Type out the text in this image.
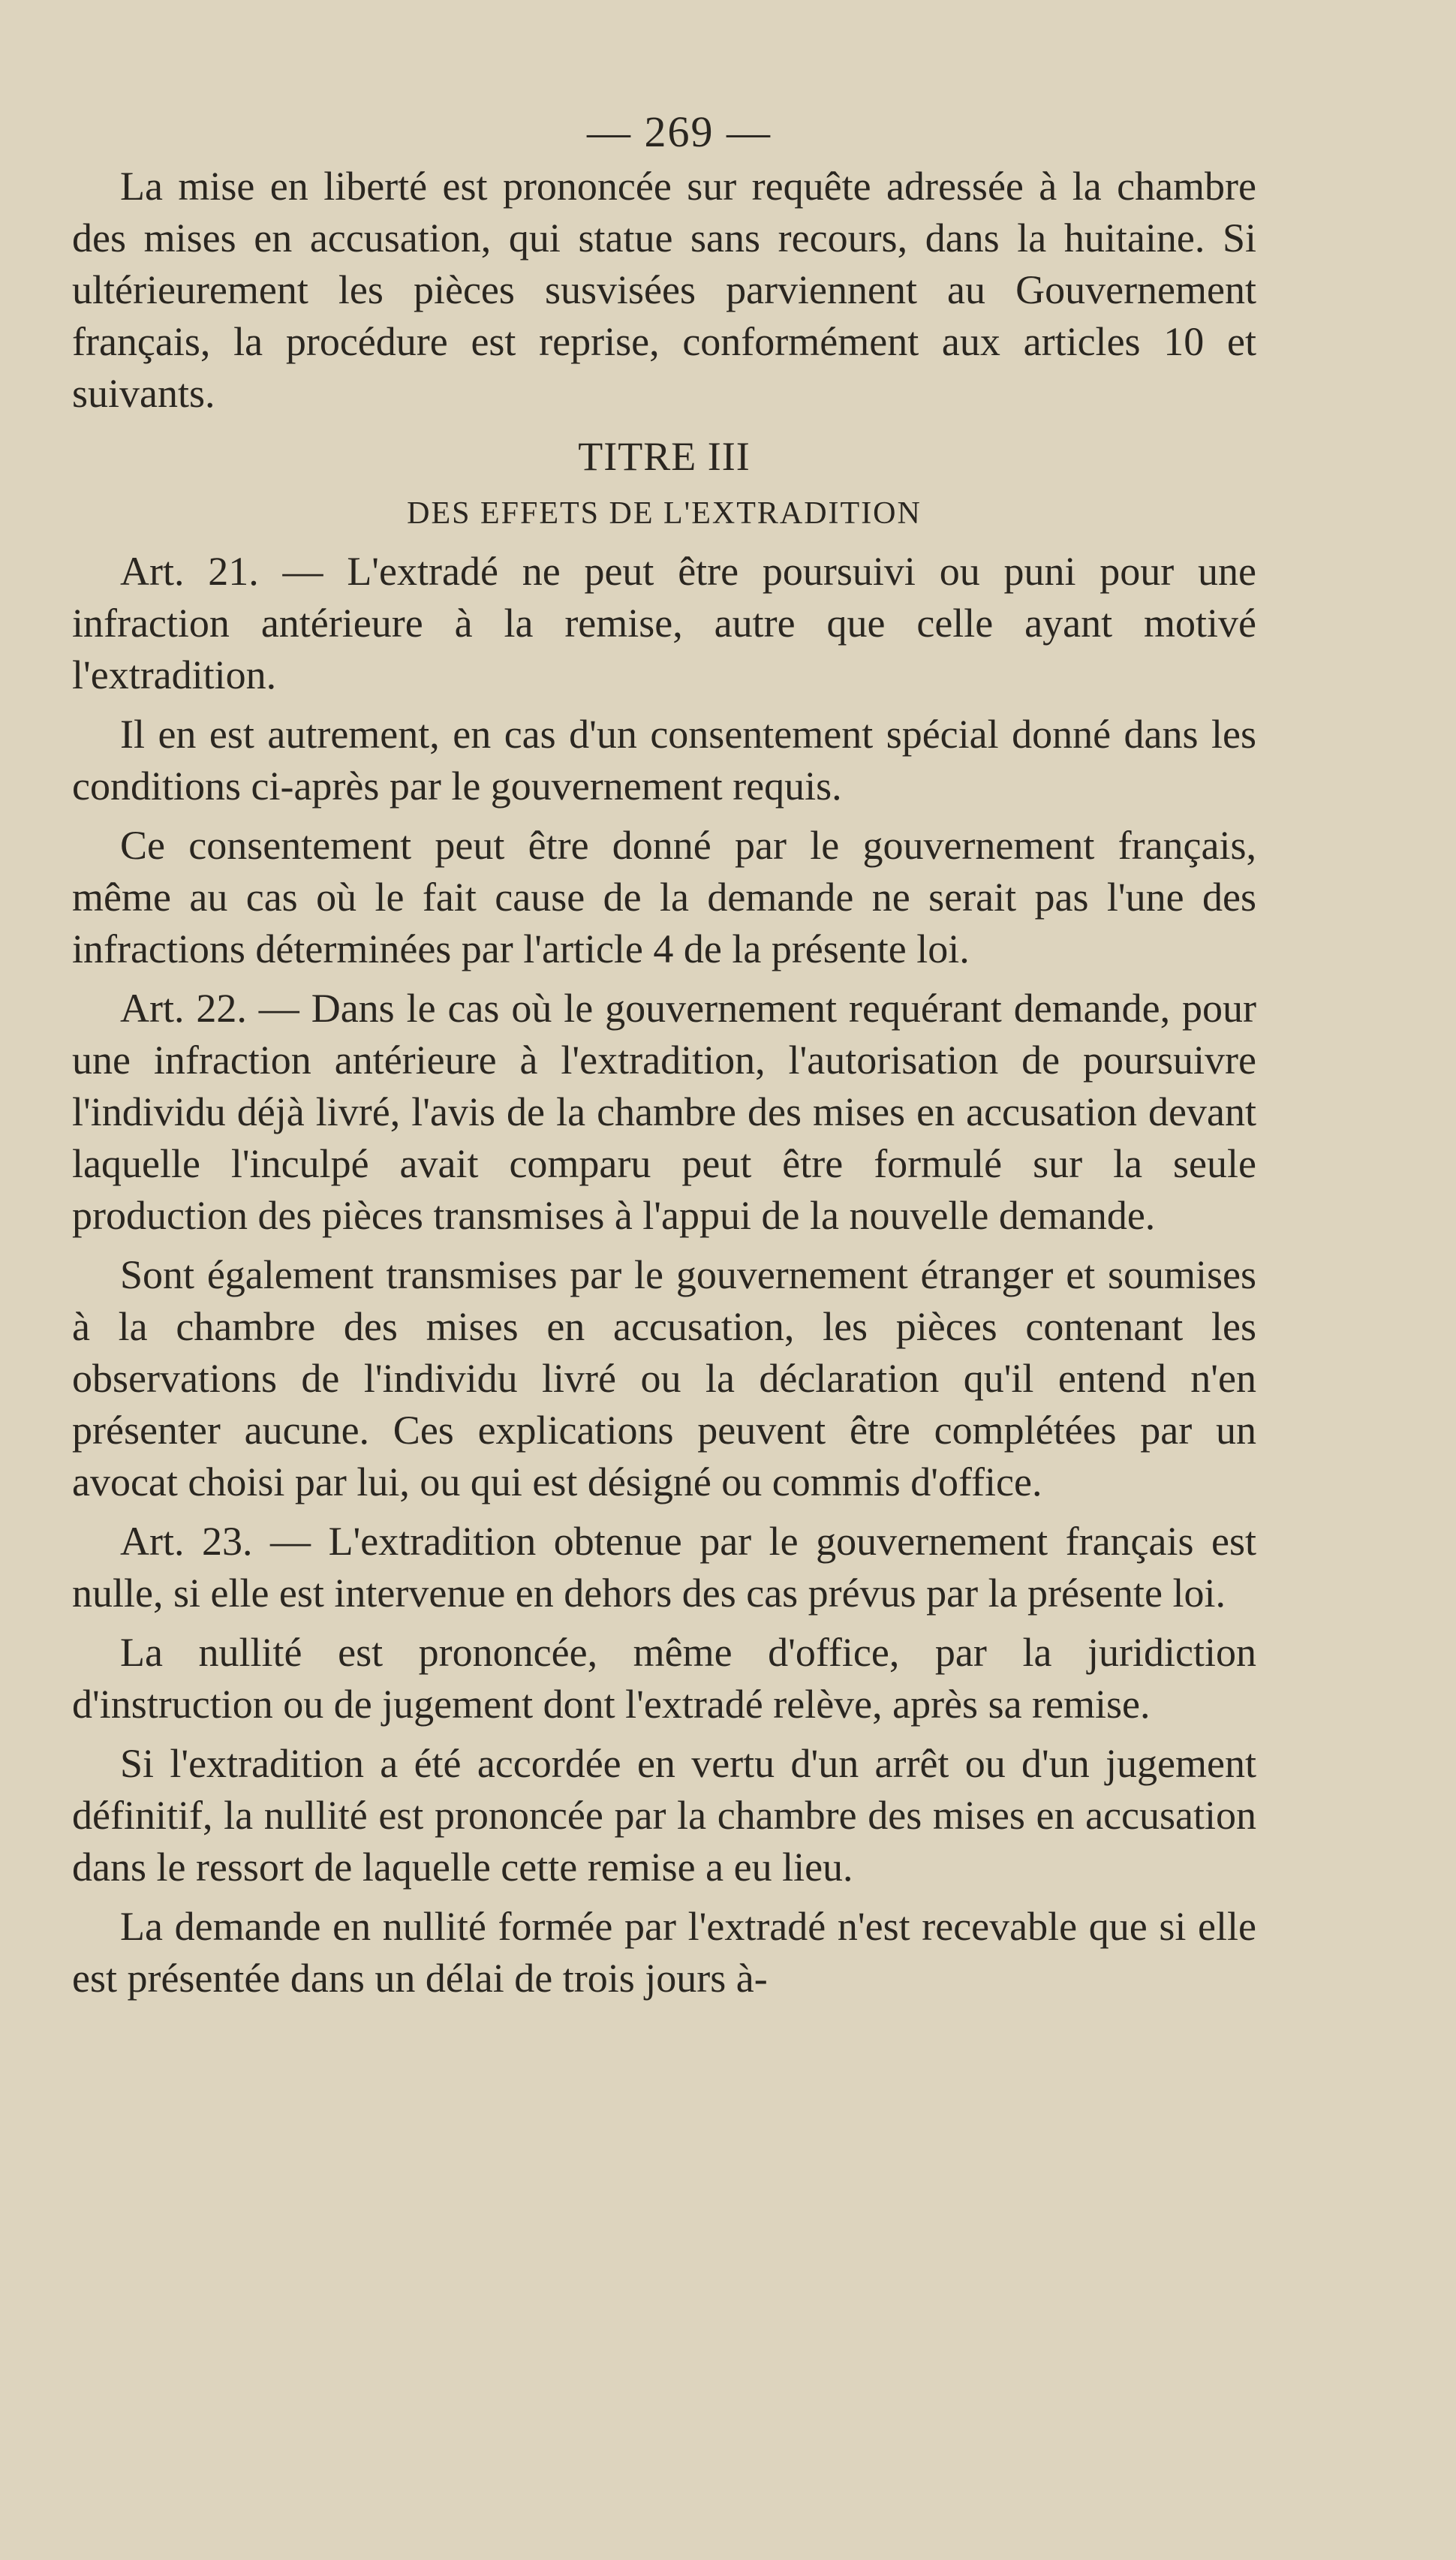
— 269 —

La mise en liberté est prononcée sur requête adressée à la chambre des mises en accusation, qui statue sans recours, dans la huitaine. Si ultérieurement les pièces susvisées parviennent au Gouvernement français, la procédure est reprise, conformément aux articles 10 et suivants.

TITRE III
DES EFFETS DE L'EXTRADITION

Art. 21. — L'extradé ne peut être poursuivi ou puni pour une infraction antérieure à la remise, autre que celle ayant motivé l'extradition.

Il en est autrement, en cas d'un consentement spécial donné dans les conditions ci-après par le gouvernement requis.

Ce consentement peut être donné par le gouvernement français, même au cas où le fait cause de la demande ne serait pas l'une des infractions déterminées par l'article 4 de la présente loi.

Art. 22. — Dans le cas où le gouvernement requérant demande, pour une infraction antérieure à l'extradition, l'autorisation de poursuivre l'individu déjà livré, l'avis de la chambre des mises en accusation devant laquelle l'inculpé avait comparu peut être formulé sur la seule production des pièces transmises à l'appui de la nouvelle demande.

Sont également transmises par le gouvernement étranger et soumises à la chambre des mises en accusation, les pièces contenant les observations de l'individu livré ou la déclaration qu'il entend n'en présenter aucune. Ces explications peuvent être complétées par un avocat choisi par lui, ou qui est désigné ou commis d'office.

Art. 23. — L'extradition obtenue par le gouvernement français est nulle, si elle est intervenue en dehors des cas prévus par la présente loi.

La nullité est prononcée, même d'office, par la juridiction d'instruction ou de jugement dont l'extradé relève, après sa remise.

Si l'extradition a été accordée en vertu d'un arrêt ou d'un jugement définitif, la nullité est prononcée par la chambre des mises en accusation dans le ressort de laquelle cette remise a eu lieu.

La demande en nullité formée par l'extradé n'est recevable que si elle est présentée dans un délai de trois jours à-
